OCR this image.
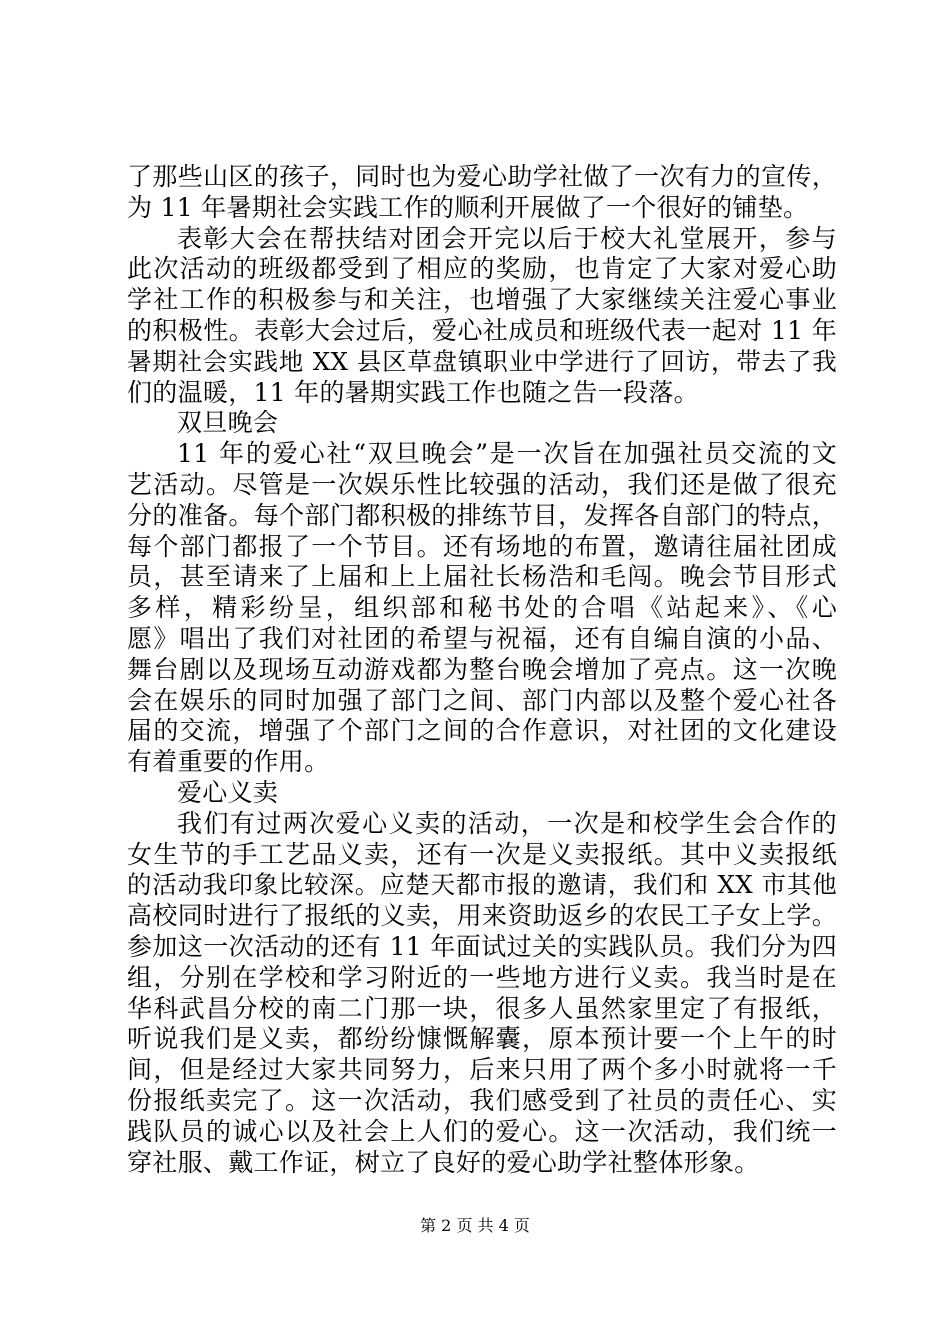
了那些山区的孩子，同时也为爱心助学社做了一次有力的宣传，
为 11 年暑期社会实践工作的顺利开展做了一个很好的铺垫。
表彰大会在帮扶结对团会开完以后于校大礼堂展开，参与
此次活动的班级都受到了相应的奖励，也肯定了大家对爱心助
学社工作的积极参与和关注，也增强了大家继续关注爱心事业
的积极性。表彰大会过后，爱心社成员和班级代表一起对 11 年
暑期社会实践地 XX 县区草盘镇职业中学进行了回访，带去了我
们的温暖，11 年的暑期实践工作也随之告一段落。
双旦晚会
11 年的爱心社“双旦晚会”是一次旨在加强社员交流的文
艺活动。尽管是一次娱乐性比较强的活动，我们还是做了很充
分的准备。每个部门都积极的排练节目，发挥各自部门的特点，
每个部门都报了一个节目。还有场地的布置，邀请往届社团成
员，甚至请来了上届和上上届社长杨浩和毛闯。晚会节目形式
多样，精彩纷呈，组织部和秘书处的合唱《站起来》、《心
愿》唱出了我们对社团的希望与祝福，还有自编自演的小品、
舞台剧以及现场互动游戏都为整台晚会增加了亮点。这一次晚
会在娱乐的同时加强了部门之间、部门内部以及整个爱心社各
届的交流，增强了个部门之间的合作意识，对社团的文化建设
有着重要的作用。
爱心义卖
我们有过两次爱心义卖的活动，一次是和校学生会合作的
女生节的手工艺品义卖，还有一次是义卖报纸。其中义卖报纸
的活动我印象比较深。应楚天都市报的邀请，我们和 XX 市其他
高校同时进行了报纸的义卖，用来资助返乡的农民工子女上学。
参加这一次活动的还有 11 年面试过关的实践队员。我们分为四
组，分别在学校和学习附近的一些地方进行义卖。我当时是在
华科武昌分校的南二门那一块，很多人虽然家里定了有报纸，
听说我们是义卖，都纷纷慷慨解囊，原本预计要一个上午的时
间，但是经过大家共同努力，后来只用了两个多小时就将一千
份报纸卖完了。这一次活动，我们感受到了社员的责任心、实
践队员的诚心以及社会上人们的爱心。这一次活动，我们统一
穿社服、戴工作证，树立了良好的爱心助学社整体形象。
第 2 页 共 4 页
